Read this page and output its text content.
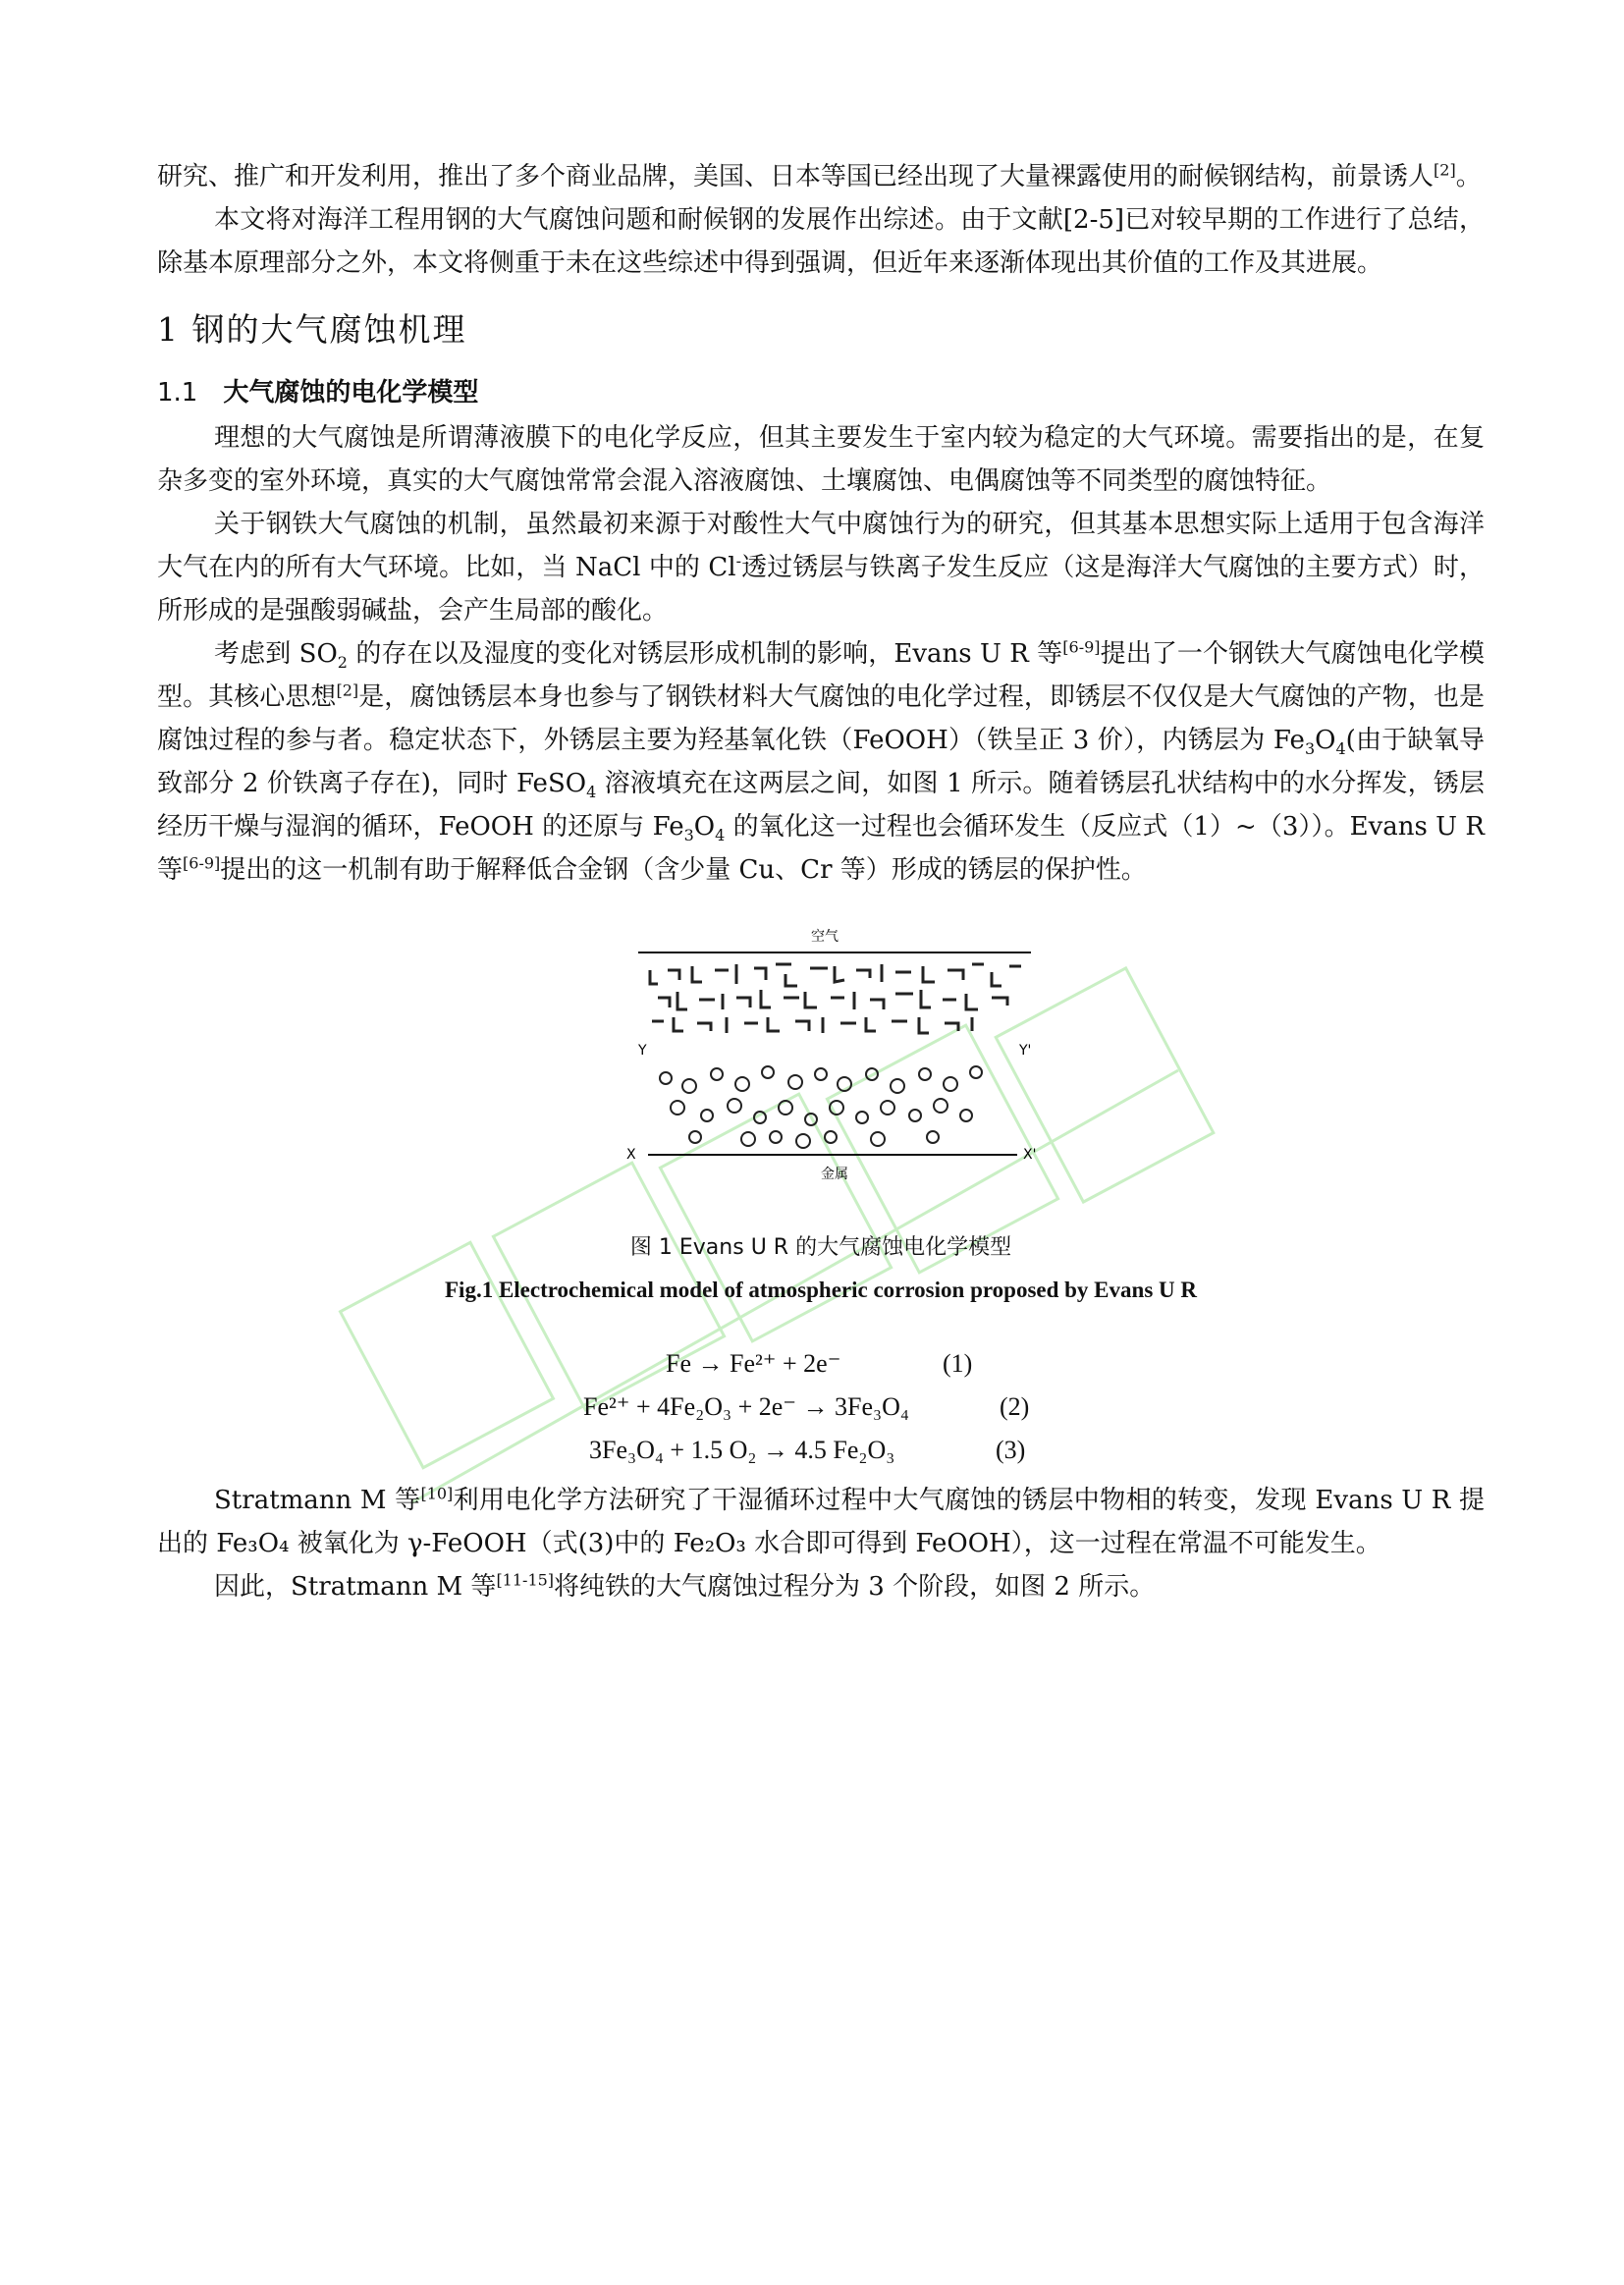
研究、推广和开发利用，推出了多个商业品牌，美国、日本等国已经出现了大量裸露使用的耐候钢结构，前景诱人[2]。

本文将对海洋工程用钢的大气腐蚀问题和耐候钢的发展作出综述。由于文献[2-5]已对较早期的工作进行了总结，除基本原理部分之外，本文将侧重于未在这些综述中得到强调，但近年来逐渐体现出其价值的工作及其进展。

1 钢的大气腐蚀机理
1.1 大气腐蚀的电化学模型

理想的大气腐蚀是所谓薄液膜下的电化学反应，但其主要发生于室内较为稳定的大气环境。需要指出的是，在复杂多变的室外环境，真实的大气腐蚀常常会混入溶液腐蚀、土壤腐蚀、电偶腐蚀等不同类型的腐蚀特征。

关于钢铁大气腐蚀的机制，虽然最初来源于对酸性大气中腐蚀行为的研究，但其基本思想实际上适用于包含海洋大气在内的所有大气环境。比如，当 NaCl 中的 Cl-透过锈层与铁离子发生反应（这是海洋大气腐蚀的主要方式）时，所形成的是强酸弱碱盐，会产生局部的酸化。

考虑到 $SO_2$ 的存在以及湿度的变化对锈层形成机制的影响，Evans U R 等[6-9]提出了一个钢铁大气腐蚀电化学模型。其核心思想[2]是，腐蚀锈层本身也参与了钢铁材料大气腐蚀的电化学过程，即锈层不仅仅是大气腐蚀的产物，也是腐蚀过程的参与者。稳定状态下，外锈层主要为羟基氧化铁（FeOOH）（铁呈正 3 价），内锈层为 $Fe_3O_4$(由于缺氧导致部分 2 价铁离子存在)，同时 FeSO$_4$ 溶液填充在这两层之间，如图 1 所示。随着锈层孔状结构中的水分挥发，锈层经历干燥与湿润的循环，FeOOH 的还原与 $Fe_3O_4$ 的氧化这一过程也会循环发生（反应式（1）~（3））。Evans U R 等[6-9]提出的这一机制有助于解释低合金钢（含少量 Cu、Cr 等）形成的锈层的保护性。

空气
Y	Y'
X	X'
金属
图 1 Evans U R 的大气腐蚀电化学模型
Fig.1 Electrochemical model of atmospheric corrosion proposed by Evans U R
Fe → Fe²⁺ + 2e⁻	(1)
Fe²⁺ + 4Fe₂O₃ + 2e⁻ → 3Fe₃O₄	(2)
3Fe₃O₄ + 1.5 O₂ → 4.5 Fe₂O₃	(3)

Stratmann M 等[10]利用电化学方法研究了干湿循环过程中大气腐蚀的锈层中物相的转变，发现 Evans U R 提出的 Fe₃O₄ 被氧化为 γ-FeOOH（式(3)中的 Fe₂O₃ 水合即可得到 FeOOH），这一过程在常温不可能发生。

因此，Stratmann M 等[11-15]将纯铁的大气腐蚀过程分为 3 个阶段，如图 2 所示。
